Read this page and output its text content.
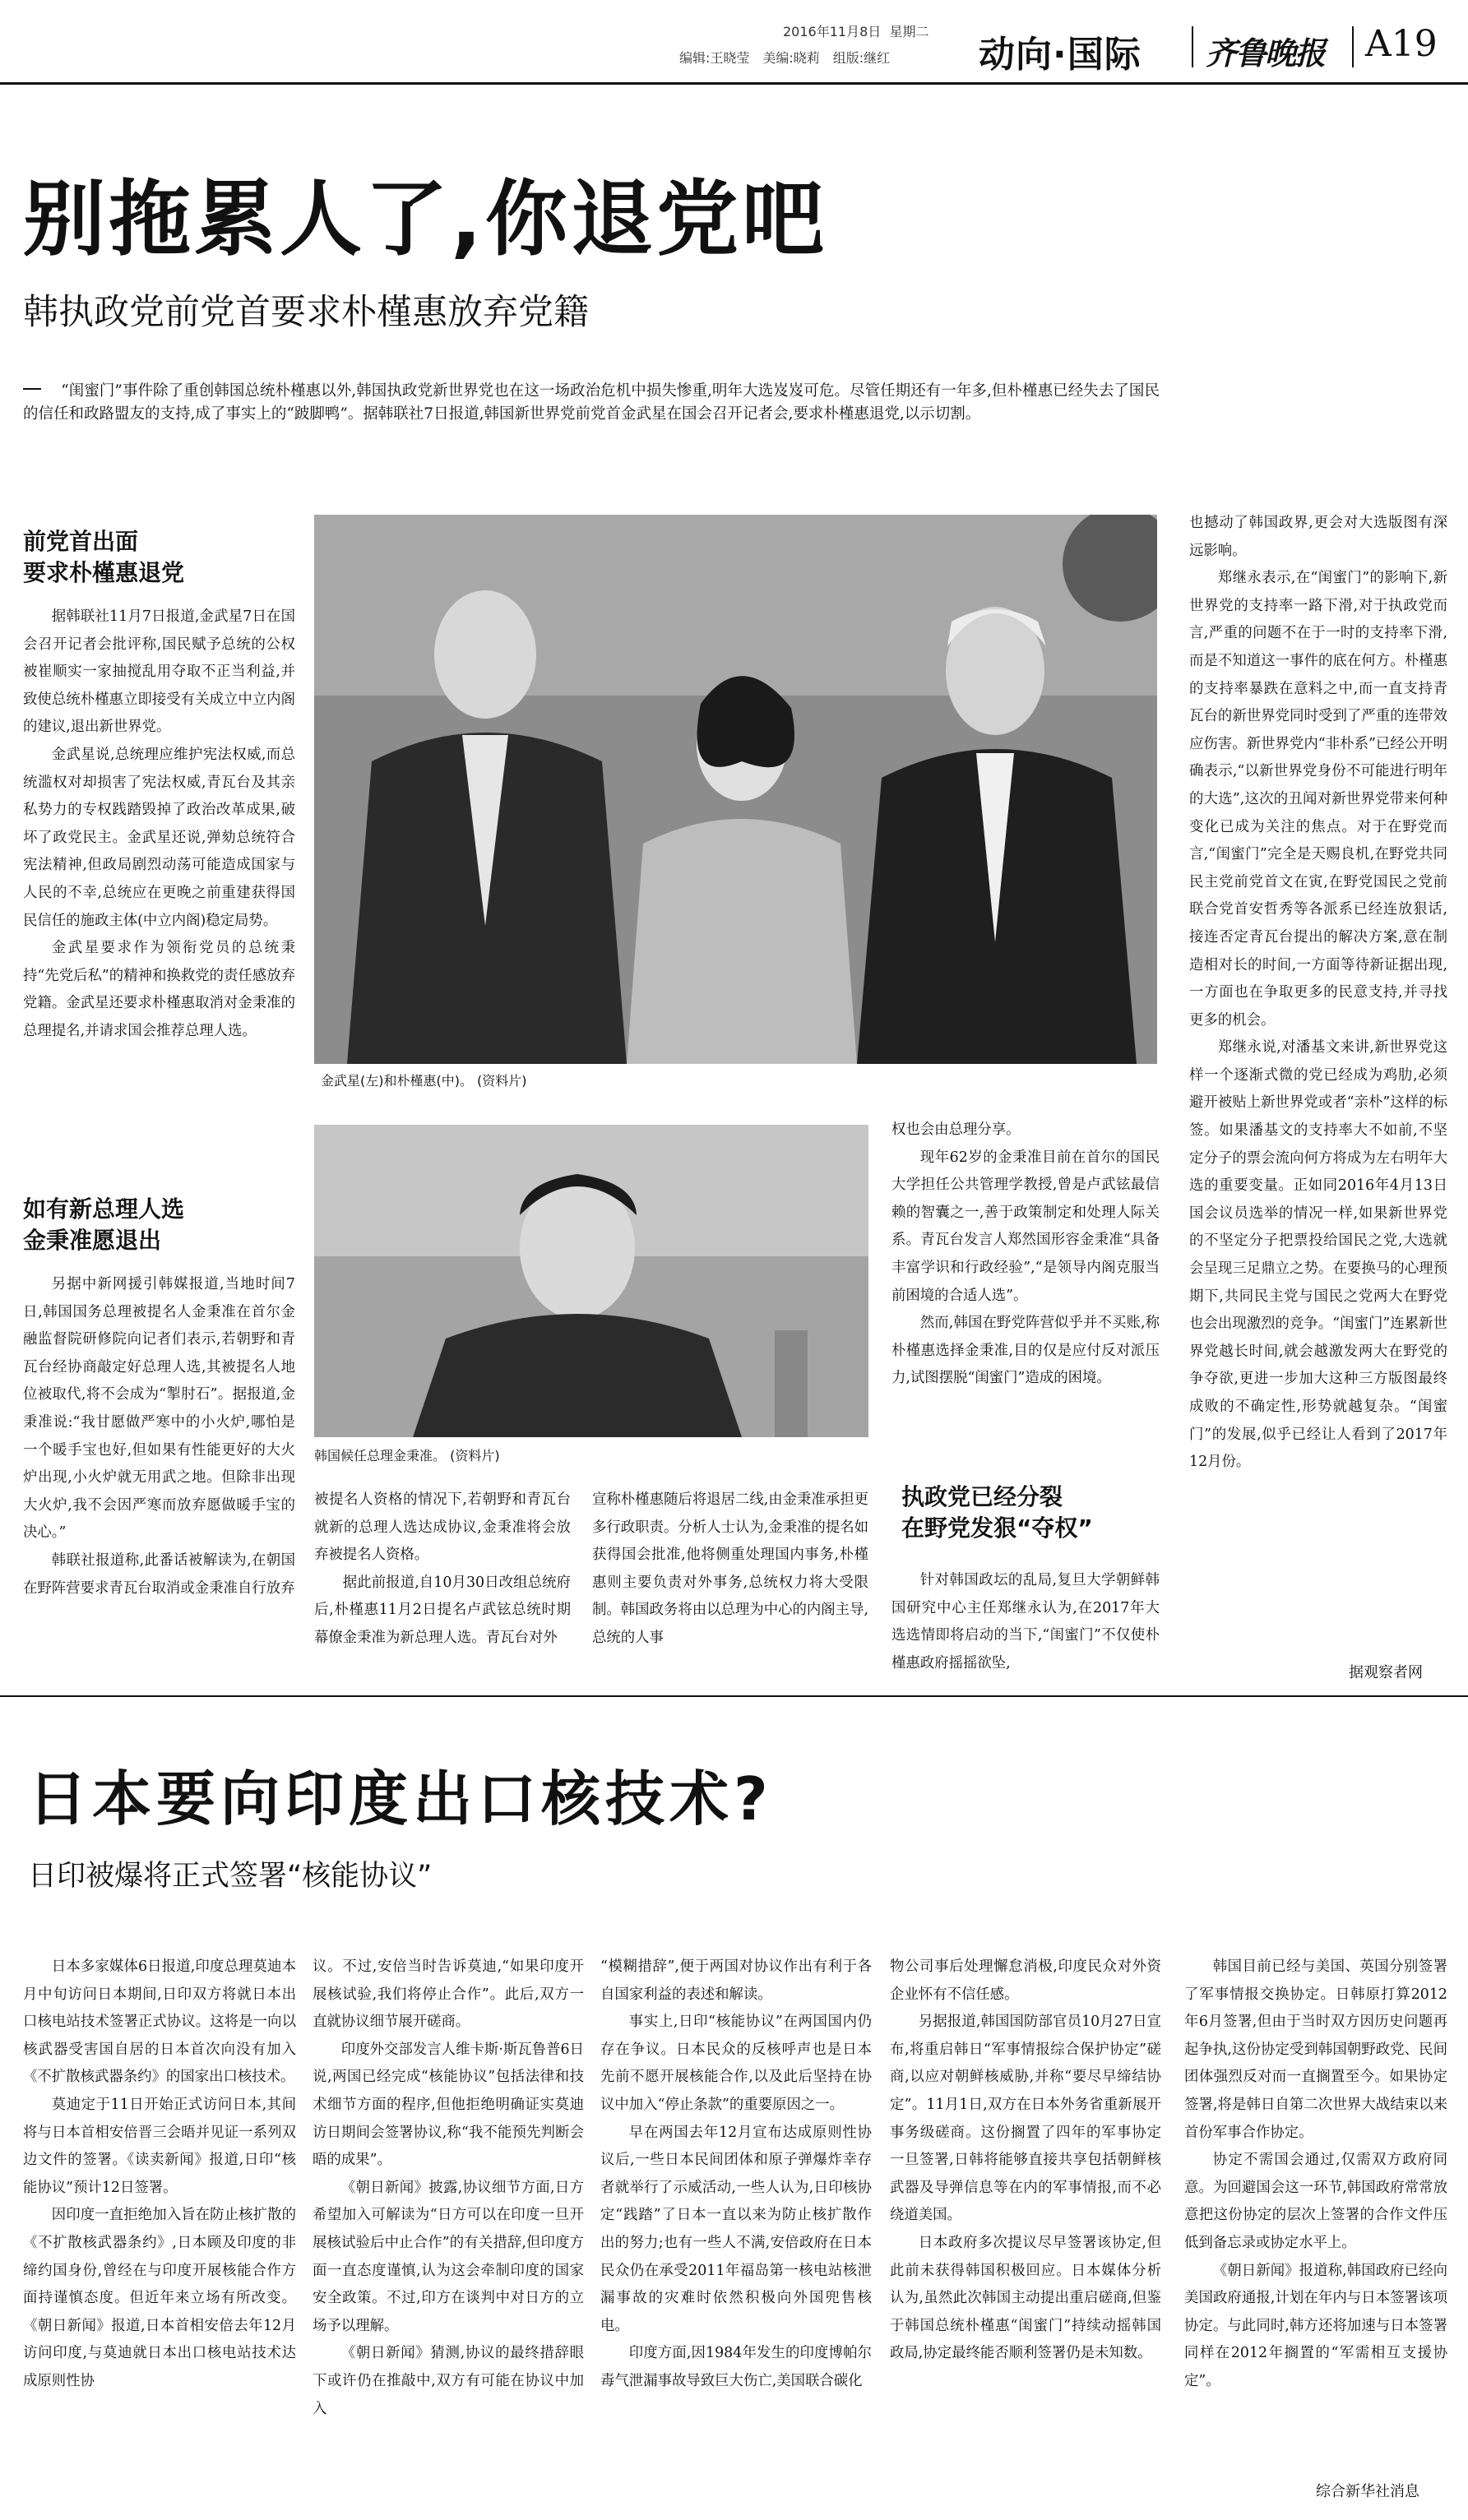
2016年11月8日 星期二
编辑:王晓莹　美编:晓莉　组版:继红 动向·国际 齐鲁晚报 A19
别拖累人了,你退党吧
韩执政党前党首要求朴槿惠放弃党籍
“闺蜜门”事件除了重创韩国总统朴槿惠以外,韩国执政党新世界党也在这一场政治危机中损失惨重,明年大选岌岌可危。尽管任期还有一年多,但朴槿惠已经失去了国民的信任和政路盟友的支持,成了事实上的“跛脚鸭”。据韩联社7日报道,韩国新世界党前党首金武星在国会召开记者会,要求朴槿惠退党,以示切割。
前党首出面
要求朴槿惠退党

据韩联社11月7日报道,金武星7日在国会召开记者会批评称,国民赋予总统的公权被崔顺实一家抽搅乱用夺取不正当利益,并致使总统朴槿惠立即接受有关成立中立内阁的建议,退出新世界党。

金武星说,总统理应维护宪法权威,而总统滥权对却损害了宪法权威,青瓦台及其亲私势力的专权践踏毁掉了政治改革成果,破坏了政党民主。金武星还说,弹劾总统符合宪法精神,但政局剧烈动荡可能造成国家与人民的不幸,总统应在更晚之前重建获得国民信任的施政主体(中立内阁)稳定局势。

金武星要求作为领衔党员的总统秉持“先党后私”的精神和换救党的责任感放弃党籍。金武星还要求朴槿惠取消对金秉准的总理提名,并请求国会推荐总理人选。

如有新总理人选
金秉准愿退出

另据中新网援引韩媒报道,当地时间7日,韩国国务总理被提名人金秉准在首尔金融监督院研修院向记者们表示,若朝野和青瓦台经协商敲定好总理人选,其被提名人地位被取代,将不会成为“掣肘石”。据报道,金秉准说:“我甘愿做严寒中的小火炉,哪怕是一个暖手宝也好,但如果有性能更好的大火炉出现,小火炉就无用武之地。但除非出现大火炉,我不会因严寒而放弃愿做暖手宝的决心。”

韩联社报道称,此番话被解读为,在朝国在野阵营要求青瓦台取消或金秉准自行放弃

金武星(左)和朴槿惠(中)。 (资料片)
韩国候任总理金秉准。 (资料片)

被提名人资格的情况下,若朝野和青瓦台就新的总理人选达成协议,金秉准将会放弃被提名人资格。

据此前报道,自10月30日改组总统府后,朴槿惠11月2日提名卢武铉总统时期幕僚金秉准为新总理人选。青瓦台对外

宣称朴槿惠随后将退居二线,由金秉准承担更多行政职责。分析人士认为,金秉准的提名如获得国会批准,他将侧重处理国内事务,朴槿惠则主要负责对外事务,总统权力将大受限制。韩国政务将由以总理为中心的内阁主导,总统的人事

权也会由总理分享。

现年62岁的金秉准目前在首尔的国民大学担任公共管理学教授,曾是卢武铉最信赖的智囊之一,善于政策制定和处理人际关系。青瓦台发言人郑然国形容金秉准“具备丰富学识和行政经验”,“是领导内阁克服当前困境的合适人选”。

然而,韩国在野党阵营似乎并不买账,称朴槿惠选择金秉准,目的仅是应付反对派压力,试图摆脱“闺蜜门”造成的困境。

执政党已经分裂
在野党发狠“夺权”

针对韩国政坛的乱局,复旦大学朝鲜韩国研究中心主任郑继永认为,在2017年大选选情即将启动的当下,“闺蜜门”不仅使朴槿惠政府摇摇欲坠,

也撼动了韩国政界,更会对大选版图有深远影响。

郑继永表示,在“闺蜜门”的影响下,新世界党的支持率一路下滑,对于执政党而言,严重的问题不在于一时的支持率下滑,而是不知道这一事件的底在何方。朴槿惠的支持率暴跌在意料之中,而一直支持青瓦台的新世界党同时受到了严重的连带效应伤害。新世界党内“非朴系”已经公开明确表示,“以新世界党身份不可能进行明年的大选”,这次的丑闻对新世界党带来何种变化已成为关注的焦点。对于在野党而言,“闺蜜门”完全是天赐良机,在野党共同民主党前党首文在寅,在野党国民之党前联合党首安哲秀等各派系已经连放狠话,接连否定青瓦台提出的解决方案,意在制造相对长的时间,一方面等待新证据出现,一方面也在争取更多的民意支持,并寻找更多的机会。

郑继永说,对潘基文来讲,新世界党这样一个逐渐式微的党已经成为鸡肋,必须避开被贴上新世界党或者“亲朴”这样的标签。如果潘基文的支持率大不如前,不坚定分子的票会流向何方将成为左右明年大选的重要变量。正如同2016年4月13日国会议员选举的情况一样,如果新世界党的不坚定分子把票投给国民之党,大选就会呈现三足鼎立之势。在要换马的心理预期下,共同民主党与国民之党两大在野党也会出现激烈的竞争。“闺蜜门”连累新世界党越长时间,就会越激发两大在野党的争夺欲,更进一步加大这种三方版图最终成败的不确定性,形势就越复杂。“闺蜜门”的发展,似乎已经让人看到了2017年12月份。

据观察者网
日本要向印度出口核技术?
日印被爆将正式签署“核能协议”

日本多家媒体6日报道,印度总理莫迪本月中旬访问日本期间,日印双方将就日本出口核电站技术签署正式协议。这将是一向以核武器受害国自居的日本首次向没有加入《不扩散核武器条约》的国家出口核技术。

莫迪定于11日开始正式访问日本,其间将与日本首相安倍晋三会晤并见证一系列双边文件的签署。《读卖新闻》报道,日印“核能协议”预计12日签署。

因印度一直拒绝加入旨在防止核扩散的《不扩散核武器条约》,日本顾及印度的非缔约国身份,曾经在与印度开展核能合作方面持谨慎态度。但近年来立场有所改变。《朝日新闻》报道,日本首相安倍去年12月访问印度,与莫迪就日本出口核电站技术达成原则性协

议。不过,安倍当时告诉莫迪,“如果印度开展核试验,我们将停止合作”。此后,双方一直就协议细节展开磋商。

印度外交部发言人维卡斯·斯瓦鲁普6日说,两国已经完成“核能协议”包括法律和技术细节方面的程序,但他拒绝明确证实莫迪访日期间会签署协议,称“我不能预先判断会晤的成果”。

《朝日新闻》披露,协议细节方面,日方希望加入可解读为“日方可以在印度一旦开展核试验后中止合作”的有关措辞,但印度方面一直态度谨慎,认为这会牵制印度的国家安全政策。不过,印方在谈判中对日方的立场予以理解。

《朝日新闻》猜测,协议的最终措辞眼下或许仍在推敲中,双方有可能在协议中加入

“模糊措辞”,便于两国对协议作出有利于各自国家利益的表述和解读。

事实上,日印“核能协议”在两国国内仍存在争议。日本民众的反核呼声也是日本先前不愿开展核能合作,以及此后坚持在协议中加入“停止条款”的重要原因之一。

早在两国去年12月宣布达成原则性协议后,一些日本民间团体和原子弹爆炸幸存者就举行了示威活动,一些人认为,日印核协定“践踏”了日本一直以来为防止核扩散作出的努力;也有一些人不满,安倍政府在日本民众仍在承受2011年福岛第一核电站核泄漏事故的灾难时依然积极向外国兜售核电。

印度方面,因1984年发生的印度博帕尔毒气泄漏事故导致巨大伤亡,美国联合碳化

物公司事后处理懈怠消极,印度民众对外资企业怀有不信任感。

另据报道,韩国国防部官员10月27日宣布,将重启韩日“军事情报综合保护协定”磋商,以应对朝鲜核威胁,并称“要尽早缔结协定”。11月1日,双方在日本外务省重新展开事务级磋商。这份搁置了四年的军事协定一旦签署,日韩将能够直接共享包括朝鲜核武器及导弹信息等在内的军事情报,而不必绕道美国。

日本政府多次提议尽早签署该协定,但此前未获得韩国积极回应。日本媒体分析认为,虽然此次韩国主动提出重启磋商,但鉴于韩国总统朴槿惠“闺蜜门”持续动摇韩国政局,协定最终能否顺利签署仍是未知数。

韩国目前已经与美国、英国分别签署了军事情报交换协定。日韩原打算2012年6月签署,但由于当时双方因历史问题再起争执,这份协定受到韩国朝野政党、民间团体强烈反对而一直搁置至今。如果协定签署,将是韩日自第二次世界大战结束以来首份军事合作协定。

协定不需国会通过,仅需双方政府同意。为回避国会这一环节,韩国政府常常放意把这份协定的层次上签署的合作文件压低到备忘录或协定水平上。

《朝日新闻》报道称,韩国政府已经向美国政府通报,计划在年内与日本签署该项协定。与此同时,韩方还将加速与日本签署同样在2012年搁置的“军需相互支援协定”。

综合新华社消息
